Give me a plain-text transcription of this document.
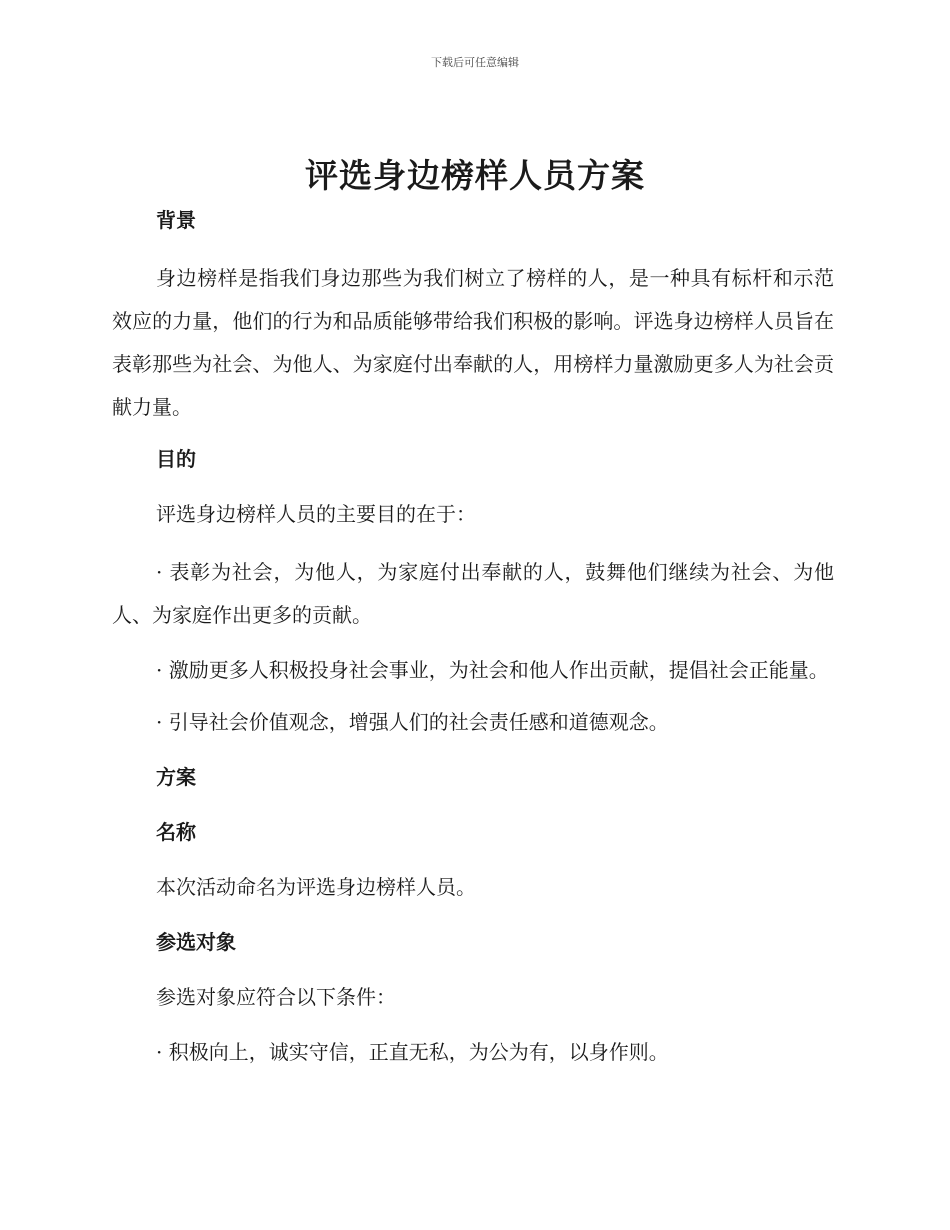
下载后可任意编辑
评选身边榜样人员方案
背景
身边榜样是指我们身边那些为我们树立了榜样的人，是一种具有标杆和示范效应的力量，他们的行为和品质能够带给我们积极的影响。评选身边榜样人员旨在表彰那些为社会、为他人、为家庭付出奉献的人，用榜样力量激励更多人为社会贡献力量。
目的
评选身边榜样人员的主要目的在于：
· 表彰为社会，为他人，为家庭付出奉献的人，鼓舞他们继续为社会、为他人、为家庭作出更多的贡献。
· 激励更多人积极投身社会事业，为社会和他人作出贡献，提倡社会正能量。
· 引导社会价值观念，增强人们的社会责任感和道德观念。
方案
名称
本次活动命名为评选身边榜样人员。
参选对象
参选对象应符合以下条件：
· 积极向上，诚实守信，正直无私，为公为有，以身作则。
